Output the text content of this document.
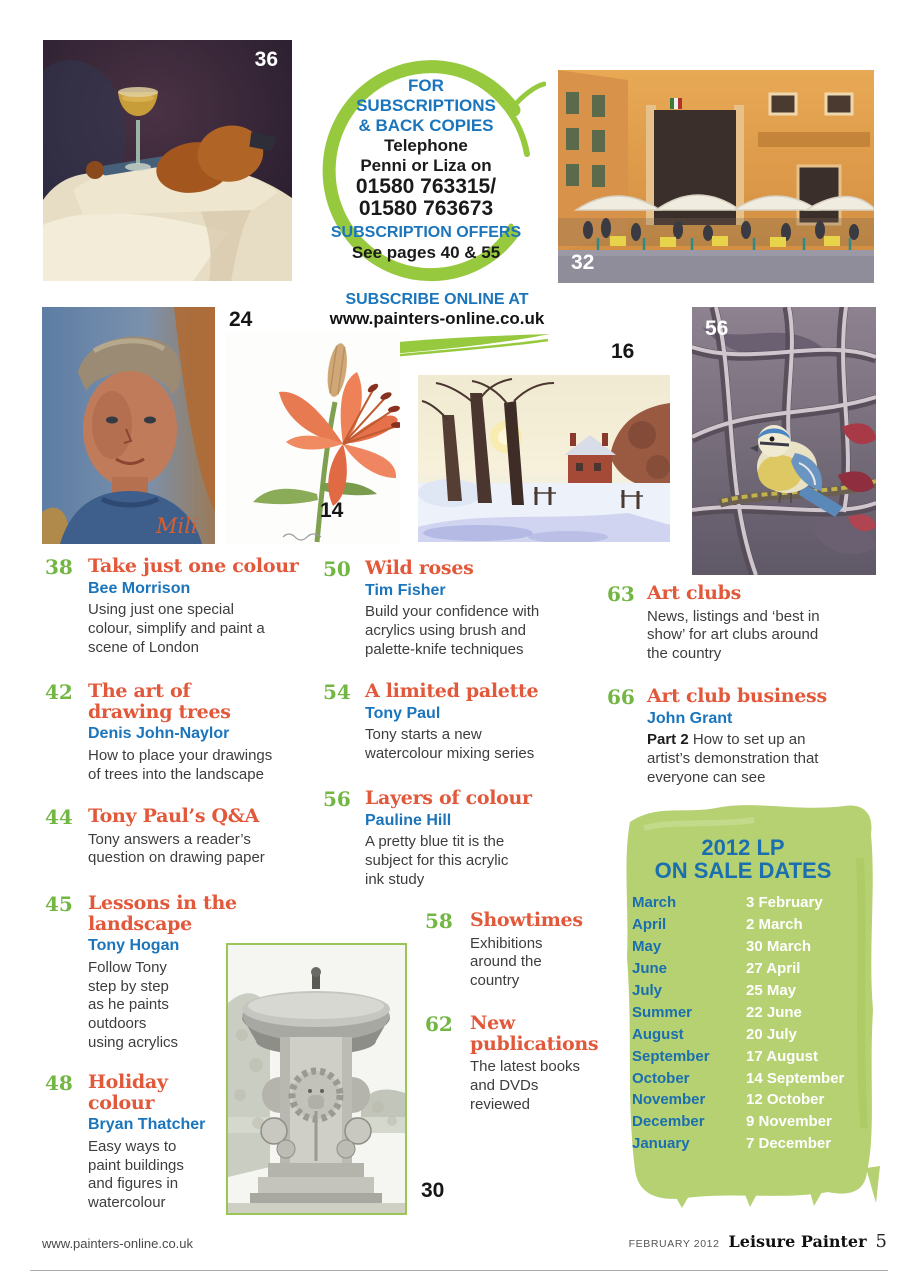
36
FOR
SUBSCRIPTIONS
& BACK COPIES
Telephone
Penni or Liza on
01580 763315/
01580 763673
SUBSCRIPTION OFFERS
See pages 40 & 55	32
SUBSCRIBE ONLINE AT
www.painters-online.co.uk
Mili
24
14
16
56
38 Take just one colour
Bee Morrison

Using just one special colour, simplify and paint a scene of London

42 The art of drawing trees
Denis John-Naylor

How to place your drawings of trees into the landscape

44 Tony Paul’s Q&A

Tony answers a reader’s question on drawing paper

45 Lessons in the landscape
Tony Hogan

Follow Tony step by step as he paints outdoors using acrylics

48 Holiday colour
Bryan Thatcher

Easy ways to paint buildings and figures in watercolour

50 Wild roses
Tim Fisher

Build your confidence with acrylics using brush and palette-knife techniques

54 A limited palette
Tony Paul

Tony starts a new watercolour mixing series

56 Layers of colour
Pauline Hill

A pretty blue tit is the subject for this acrylic ink study

58 Showtimes

Exhibitions around the country

62 New publications

The latest books and DVDs reviewed

63 Art clubs

News, listings and ‘best in show’ for art clubs around the country

66 Art club business
John Grant

Part 2 How to set up an artist’s demonstration that everyone can see

30
2012 LP
ON SALE DATES
March	3 February
April	2 March
May	30 March
June	27 April
July	25 May
Summer	22 June
August	20 July
September	17 August
October	14 September
November	12 October
December	9 November
January	7 December
www.painters-online.co.uk	FEBRUARY 2012 Leisure Painter 5
